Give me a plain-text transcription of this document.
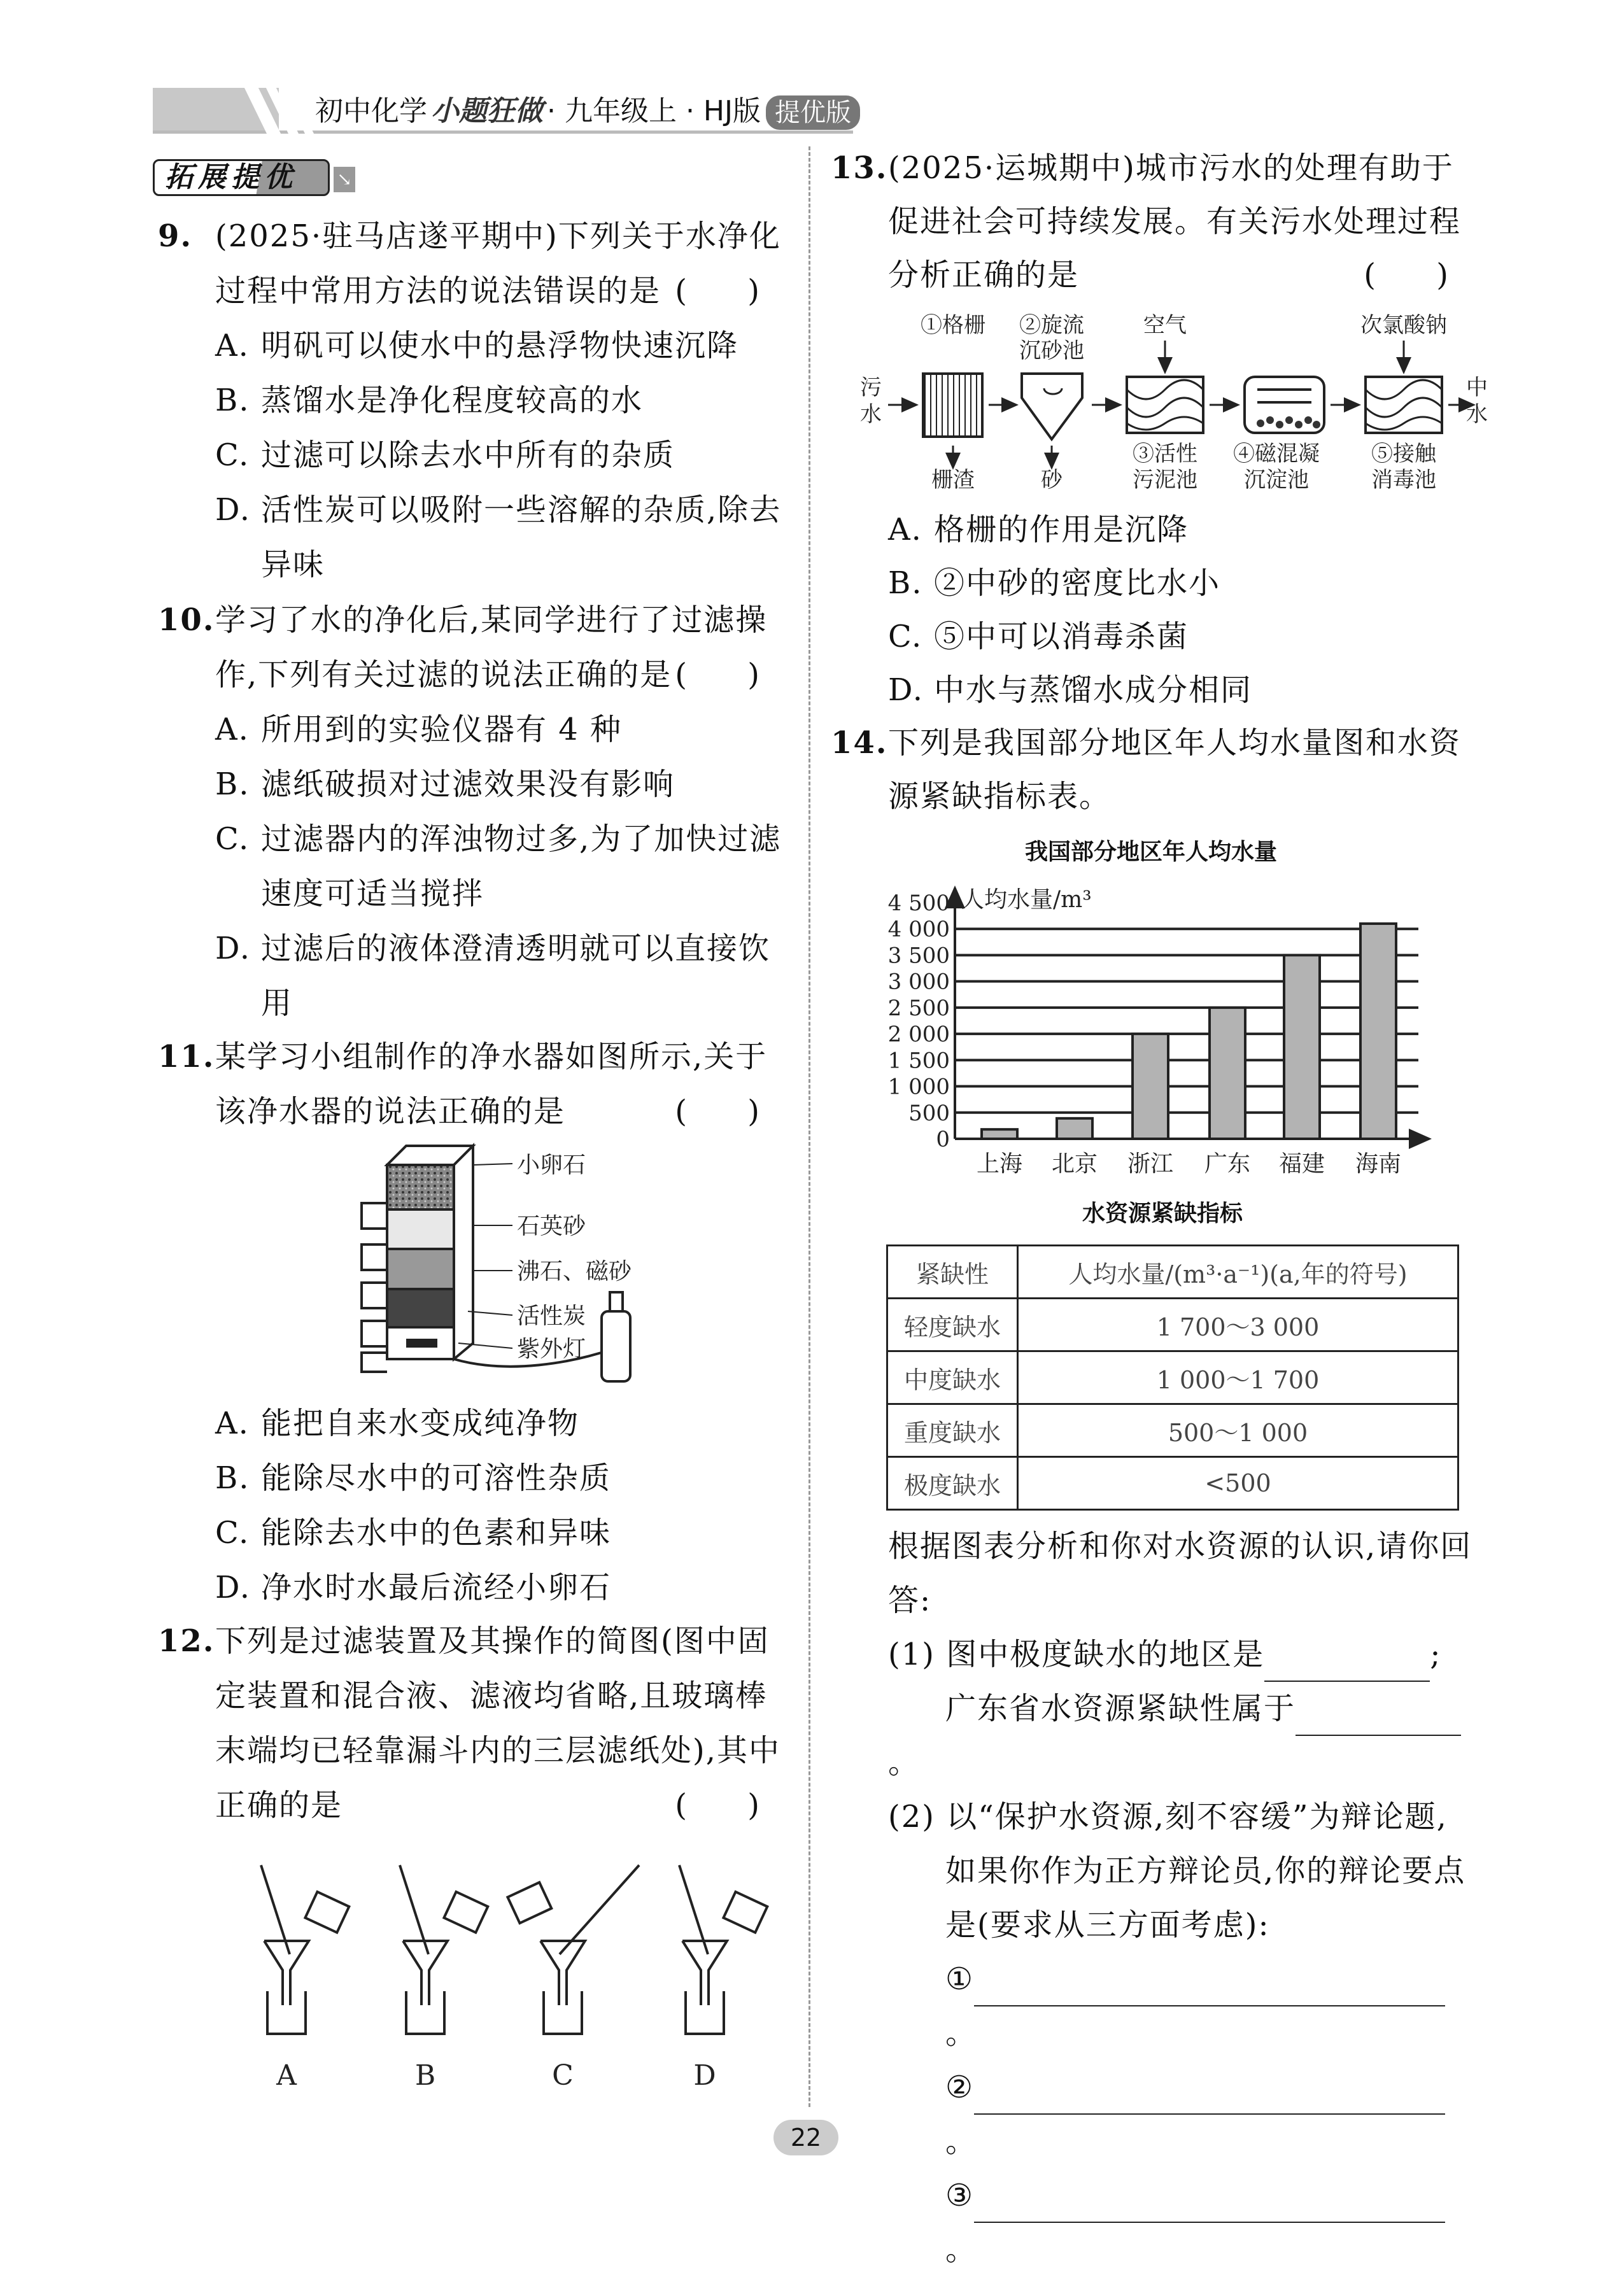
初中化学 小题狂做 · 九年级上 · HJ版 提优版
拓展提优	↘
9. (2025·驻马店遂平期中)下列关于水净化过程中常用方法的说法错误的是 ( )
A. 明矾可以使水中的悬浮物快速沉降
B. 蒸馏水是净化程度较高的水
C. 过滤可以除去水中所有的杂质
D. 活性炭可以吸附一些溶解的杂质,除去异味
10. 学习了水的净化后,某同学进行了过滤操作,下列有关过滤的说法正确的是 ( )
A. 所用到的实验仪器有 4 种
B. 滤纸破损对过滤效果没有影响
C. 过滤器内的浑浊物过多,为了加快过滤速度可适当搅拌
D. 过滤后的液体澄清透明就可以直接饮用
11. 某学习小组制作的净水器如图所示,关于该净水器的说法正确的是	( )
A. 能把自来水变成纯净物
B. 能除尽水中的可溶性杂质
C. 能除去水中的色素和异味
D. 净水时水最后流经小卵石
12. 下列是过滤装置及其操作的简图(图中固定装置和混合液、滤液均省略,且玻璃棒末端均已轻靠漏斗内的三层滤纸处),其中正确的是	( )
13. (2025·运城期中)城市污水的处理有助于促进社会可持续发展。有关污水处理过程分析正确的是	( )
A. 格栅的作用是沉降
B. ②中砂的密度比水小
C. ⑤中可以消毒杀菌
D. 中水与蒸馏水成分相同
14. 下列是我国部分地区年人均水量图和水资源紧缺指标表。
我国部分地区年人均水量
水资源紧缺指标
紧缺性	人均水量/(m³·a⁻¹)(a,年的符号)
轻度缺水	1 700～3 000
中度缺水	1 000～1 700
重度缺水	500～1 000
极度缺水	<500
根据图表分析和你对水资源的认识,请你回答:
(1) 图中极度缺水的地区是	;
广东省水资源紧缺性属于。
(2) 以“保护水资源,刻不容缓”为辩论题,如果你作为正方辩论员,你的辩论要点是(要求从三方面考虑):
①。
②。
③。
22
小卵石
石英砂
沸石、磁砂
活性炭
紫外灯
A	B	C	D
污
水
中
水
①格栅 ②旋流
沉砂池
空气	次氯酸钠
栅渣	砂
③活性
污泥池
④磁混凝
沉淀池
⑤接触
消毒池
0
500
1 000
1 500
2 000
2 500
3 000
3 500
4 000
4 500
上海 北京 浙江 广东 福建 海南
人均水量/m³
